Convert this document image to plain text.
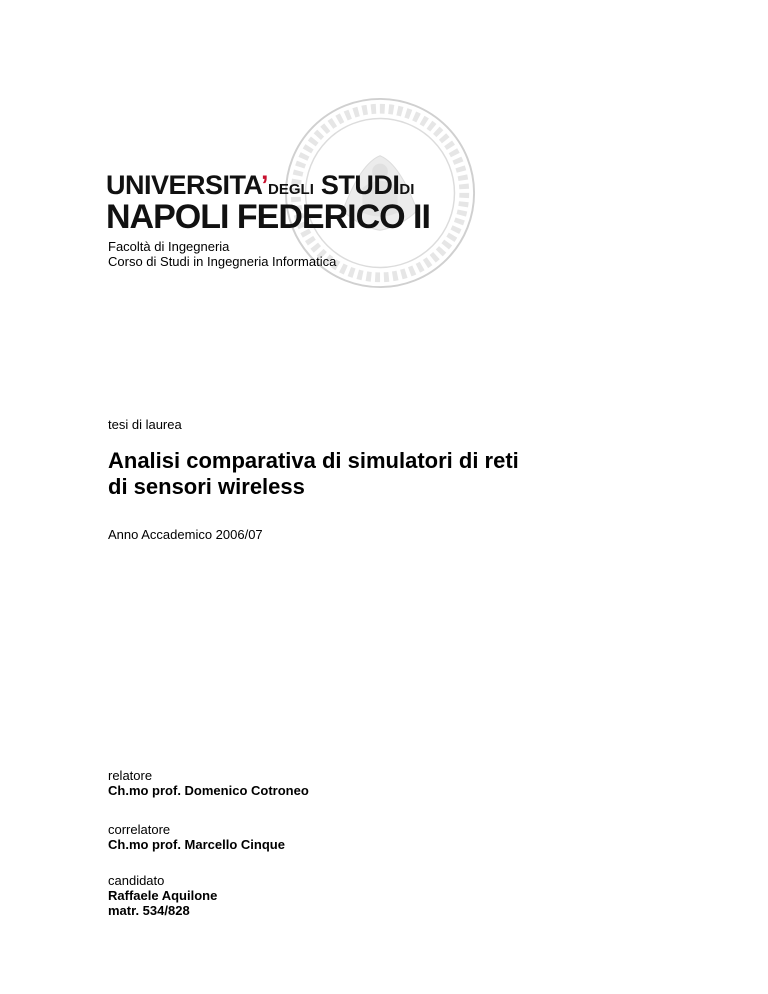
UNIVERSITA’DEGLI STUDIDI
NAPOLI FEDERICO II
Facoltà di Ingegneria
Corso di Studi in Ingegneria Informatica
tesi di laurea
Analisi comparativa di simulatori di reti
di sensori wireless
Anno Accademico 2006/07
relatore
Ch.mo prof. Domenico Cotroneo
correlatore
Ch.mo prof. Marcello Cinque
candidato
Raffaele Aquilone
matr. 534/828
